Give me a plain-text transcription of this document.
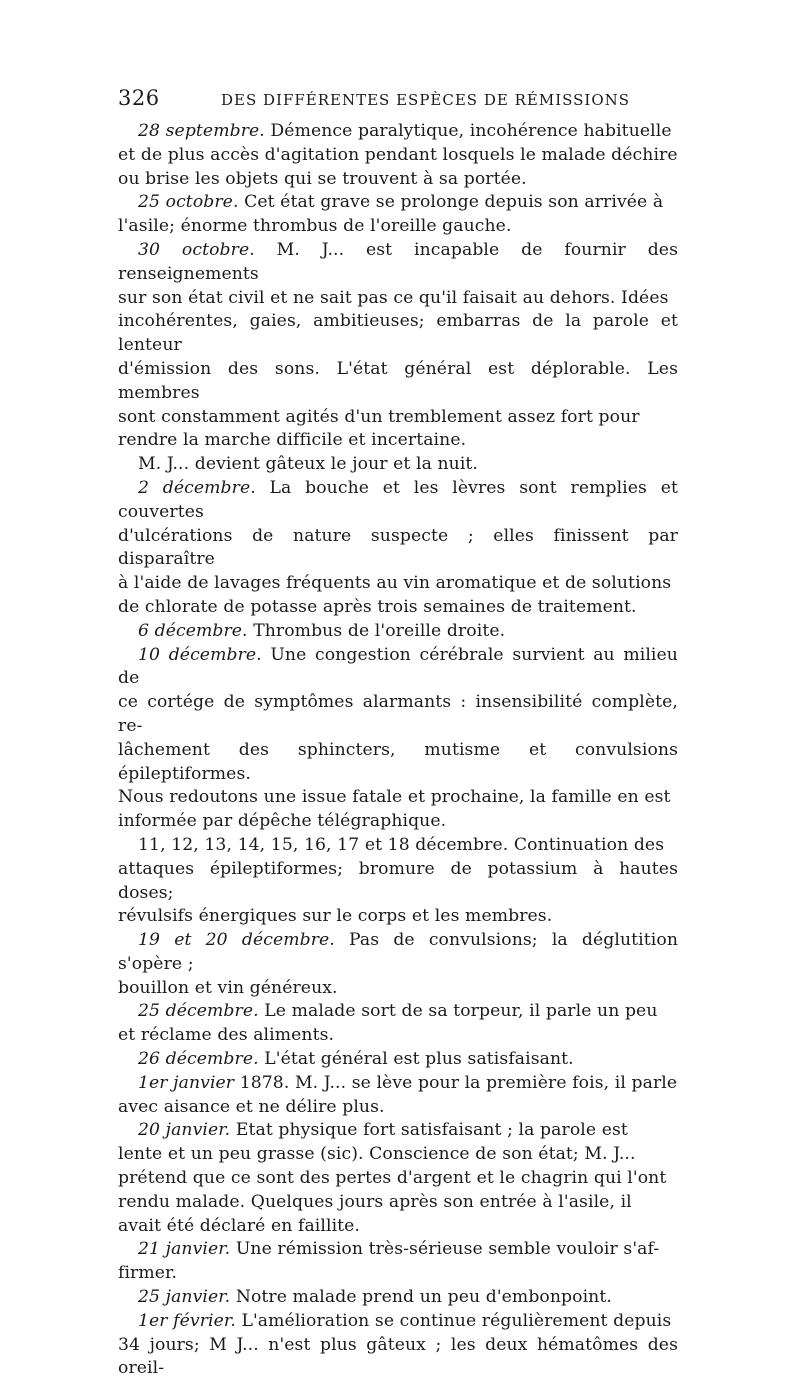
326	DES DIFFÉRENTES ESPÈCES DE RÉMISSIONS

28 septembre. Démence paralytique, incohérence habituelle
et de plus accès d'agitation pendant losquels le malade déchire
ou brise les objets qui se trouvent à sa portée.

25 octobre. Cet état grave se prolonge depuis son arrivée à
l'asile; énorme thrombus de l'oreille gauche.

30 octobre. M. J... est incapable de fournir des renseignements
sur son état civil et ne sait pas ce qu'il faisait au dehors. Idées
incohérentes, gaies, ambitieuses; embarras de la parole et lenteur
d'émission des sons. L'état général est déplorable. Les membres
sont constamment agités d'un tremblement assez fort pour
rendre la marche difficile et incertaine.

M. J... devient gâteux le jour et la nuit.

2 décembre. La bouche et les lèvres sont remplies et couvertes
d'ulcérations de nature suspecte ; elles finissent par disparaître
à l'aide de lavages fréquents au vin aromatique et de solutions
de chlorate de potasse après trois semaines de traitement.

6 décembre. Thrombus de l'oreille droite.

10 décembre. Une congestion cérébrale survient au milieu de
ce cortége de symptômes alarmants : insensibilité complète, re-
lâchement des sphincters, mutisme et convulsions épileptiformes.
Nous redoutons une issue fatale et prochaine, la famille en est
informée par dépêche télégraphique.

11, 12, 13, 14, 15, 16, 17 et 18 décembre. Continuation des
attaques épileptiformes; bromure de potassium à hautes doses;
révulsifs énergiques sur le corps et les membres.

19 et 20 décembre. Pas de convulsions; la déglutition s'opère ;
bouillon et vin généreux.

25 décembre. Le malade sort de sa torpeur, il parle un peu
et réclame des aliments.

26 décembre. L'état général est plus satisfaisant.

1er janvier 1878. M. J... se lève pour la première fois, il parle
avec aisance et ne délire plus.

20 janvier. Etat physique fort satisfaisant ; la parole est
lente et un peu grasse (sic). Conscience de son état; M. J...
prétend que ce sont des pertes d'argent et le chagrin qui l'ont
rendu malade. Quelques jours après son entrée à l'asile, il
avait été déclaré en faillite.

21 janvier. Une rémission très-sérieuse semble vouloir s'af-
firmer.

25 janvier. Notre malade prend un peu d'embonpoint.

1er février. L'amélioration se continue régulièrement depuis
34 jours; M J... n'est plus gâteux ; les deux hématômes des oreil-
